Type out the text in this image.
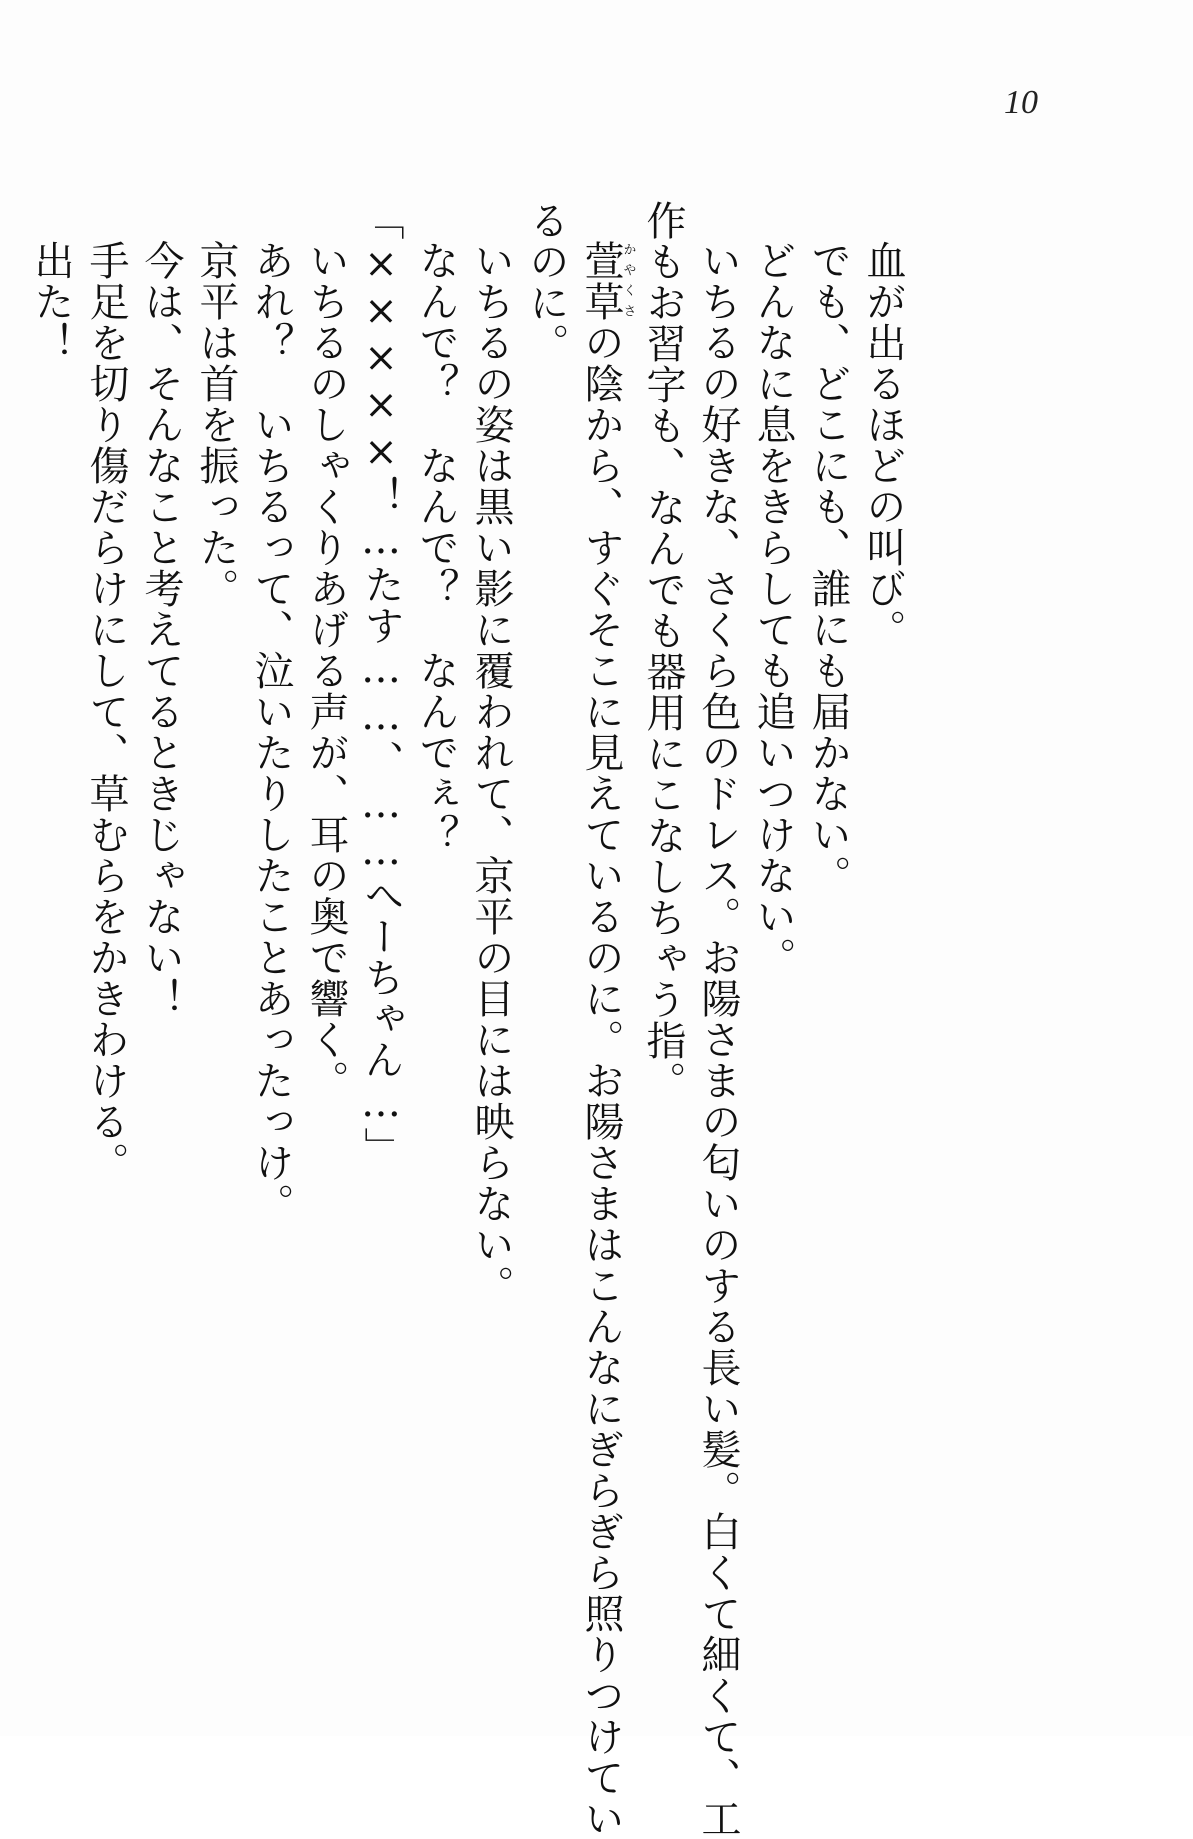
10
血が出るほどの叫び。
でも、どこにも、誰にも届かない。
どんなに息をきらしても追いつけない。
いちるの好きな、さくら色のドレス。お陽さまの匂いのする長い髪。白くて細くて、工
作もお習字も、なんでも器用にこなしちゃう指。
萱草かやくさの陰から、すぐそこに見えているのに。お陽さまはこんなにぎらぎら照りつけてい
るのに。
いちるの姿は黒い影に覆われて、京平の目には映らない。
なんで？　なんで？　なんでぇ？
「×××××！…たす……、……へーちゃん…」
いちるのしゃくりあげる声が、耳の奥で響く。
あれ？　いちるって、泣いたりしたことあったっけ。
京平は首を振った。
今は、そんなこと考えてるときじゃない！
手足を切り傷だらけにして、草むらをかきわける。
出た！
